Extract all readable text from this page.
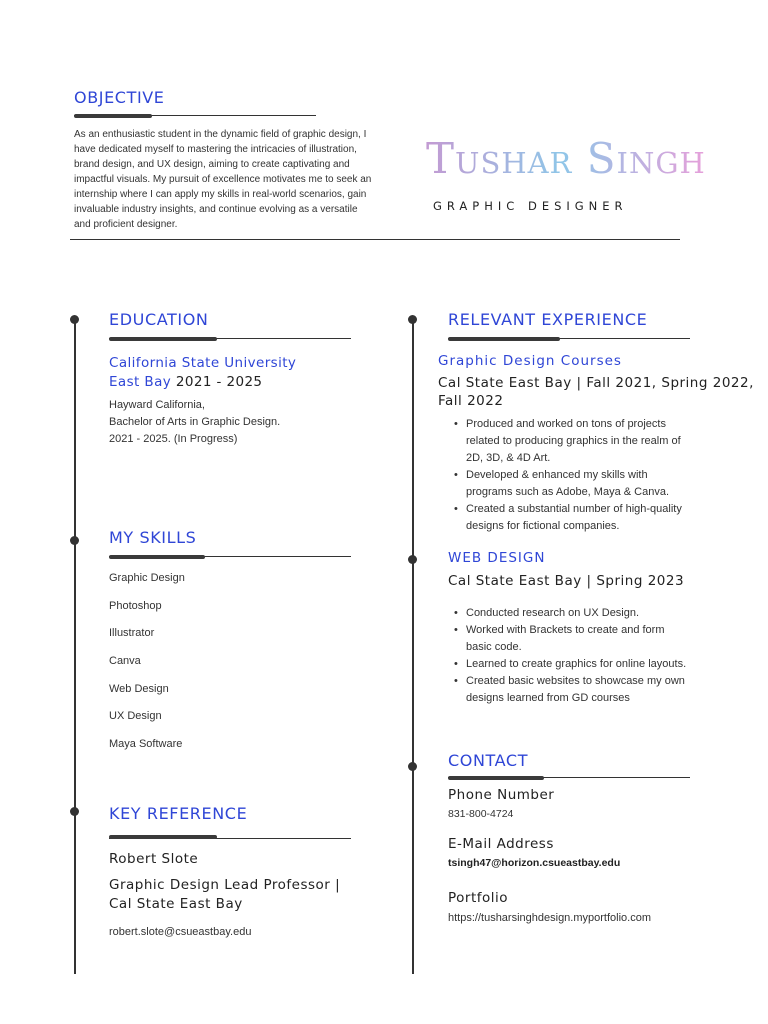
OBJECTIVE
As an enthusiastic student in the dynamic field of graphic design, I have dedicated myself to mastering the intricacies of illustration, brand design, and UX design, aiming to create captivating and impactful visuals. My pursuit of excellence motivates me to seek an internship where I can apply my skills in real-world scenarios, gain invaluable industry insights, and continue evolving as a versatile and proficient designer.
Tushar Singh
GRAPHIC DESIGNER
EDUCATION
California State University
East Bay 2021 - 2025
Hayward California,
Bachelor of Arts in Graphic Design.
2021 - 2025. (In Progress)
MY SKILLS
Graphic Design
Photoshop
Illustrator
Canva
Web Design
UX Design
Maya Software
KEY REFERENCE
Robert Slote
Graphic Design Lead Professor |
Cal State East Bay
robert.slote@csueastbay.edu
RELEVANT EXPERIENCE
Graphic Design Courses
Cal State East Bay | Fall 2021, Spring 2022,
Fall 2022
• Produced and worked on tons of projects related to producing graphics in the realm of 2D, 3D, & 4D Art.
• Developed & enhanced my skills with programs such as Adobe, Maya & Canva.
• Created a substantial number of high-quality designs for fictional companies.
WEB DESIGN
Cal State East Bay | Spring 2023
• Conducted research on UX Design.
• Worked with Brackets to create and form basic code.
• Learned to create graphics for online layouts.
• Created basic websites to showcase my own designs learned from GD courses
CONTACT
Phone Number
831-800-4724
E-Mail Address
tsingh47@horizon.csueastbay.edu
Portfolio
https://tusharsinghdesign.myportfolio.com
